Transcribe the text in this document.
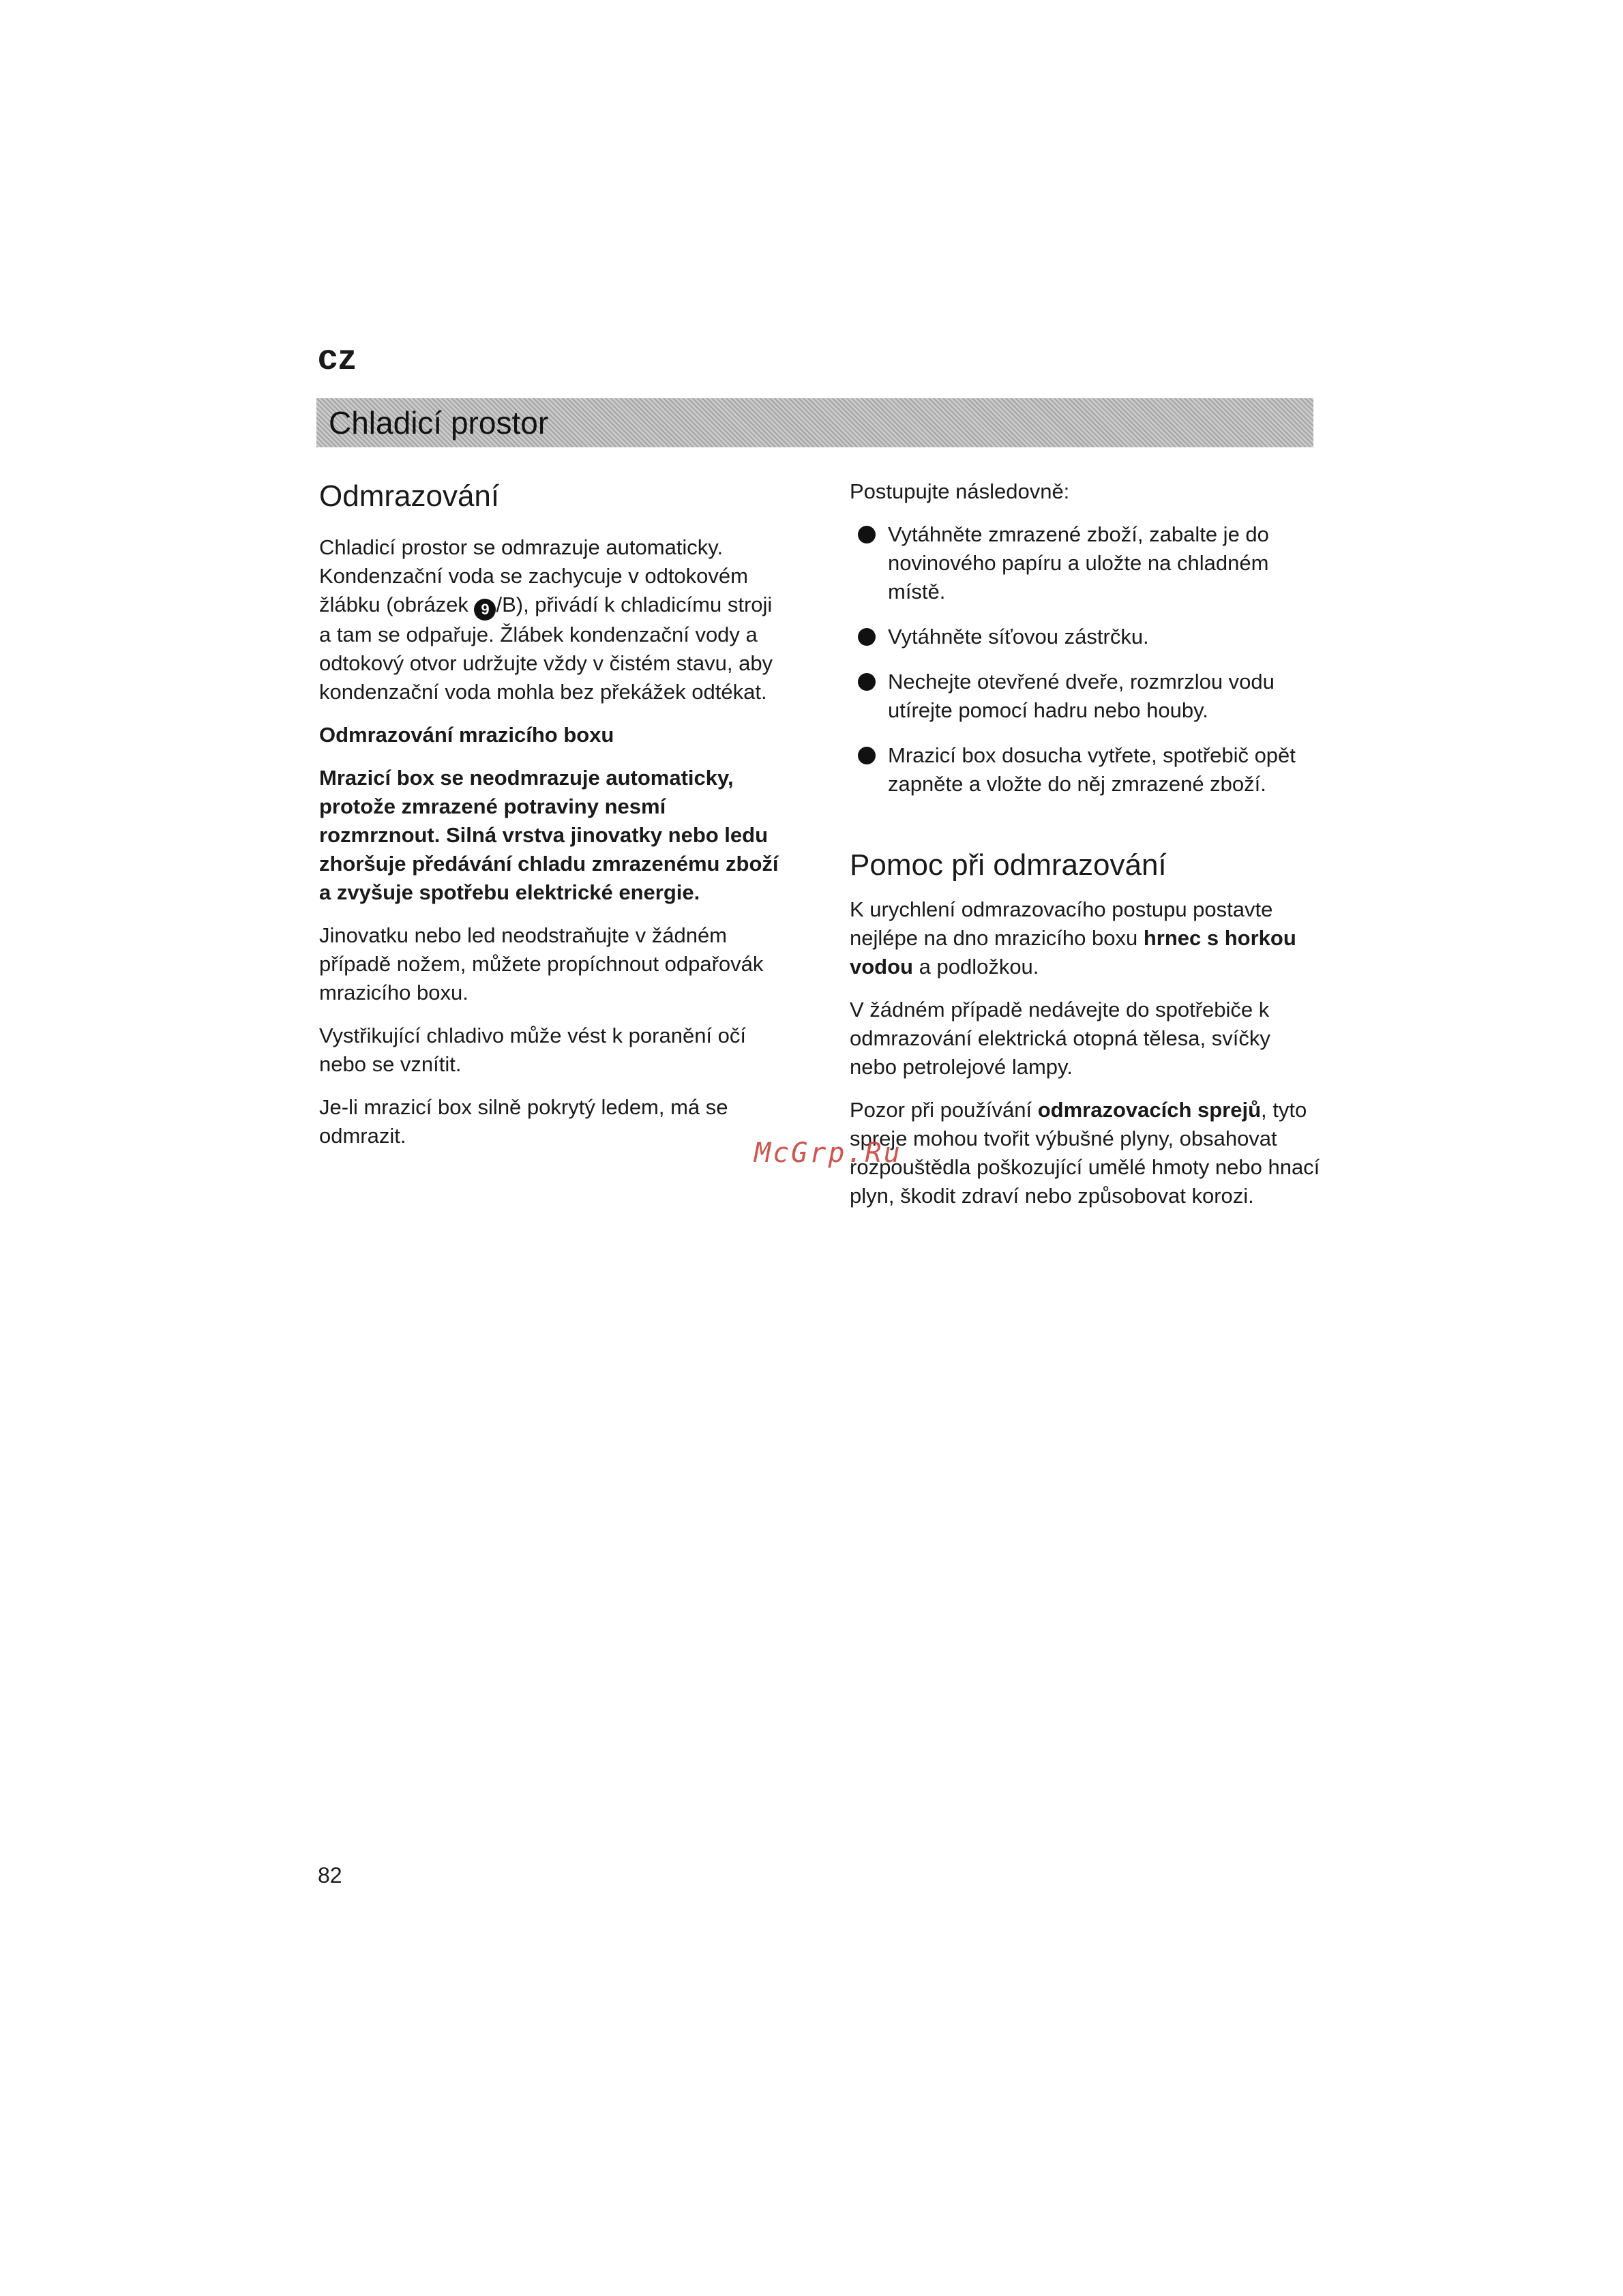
cz
Chladicí prostor
Odmrazování

Chladicí prostor se odmrazuje automaticky. Kondenzační voda se zachycuje v odtokovém žlábku (obrázek 9 /B), přivádí k chladicímu stroji a tam se odpařuje. Žlábek kondenzační vody a odtokový otvor udržujte vždy v čistém stavu, aby kondenzační voda mohla bez překážek odtékat.

Odmrazování mrazicího boxu

Mrazicí box se neodmrazuje automaticky, protože zmrazené potraviny nesmí rozmrznout. Silná vrstva jinovatky nebo ledu zhoršuje předávání chladu zmrazenému zboží a zvyšuje spotřebu elektrické energie.

Jinovatku nebo led neodstraňujte v žádném případě nožem, můžete propíchnout odpařovák mrazicího boxu.

Vystřikující chladivo může vést k poranění očí nebo se vznítit.

Je-li mrazicí box silně pokrytý ledem, má se odmrazit.

Postupujte následovně:

Vytáhněte zmrazené zboží, zabalte je do novinového papíru a uložte na chladném místě.
Vytáhněte síťovou zástrčku.
Nechejte otevřené dveře, rozmrzlou vodu utírejte pomocí hadru nebo houby.
Mrazicí box dosucha vytřete, spotřebič opět zapněte a vložte do něj zmrazené zboží.
Pomoc při odmrazování

K urychlení odmrazovacího postupu postavte nejlépe na dno mrazicího boxu hrnec s horkou vodou a podložkou.

V žádném případě nedávejte do spotřebiče k odmrazování elektrická otopná tělesa, svíčky nebo petrolejové lampy.

Pozor při používání odmrazovacích sprejů, tyto spreje mohou tvořit výbušné plyny, obsahovat rozpouštědla poškozující umělé hmoty nebo hnací plyn, škodit zdraví nebo způsobovat korozi.

McGrp.Ru
82
